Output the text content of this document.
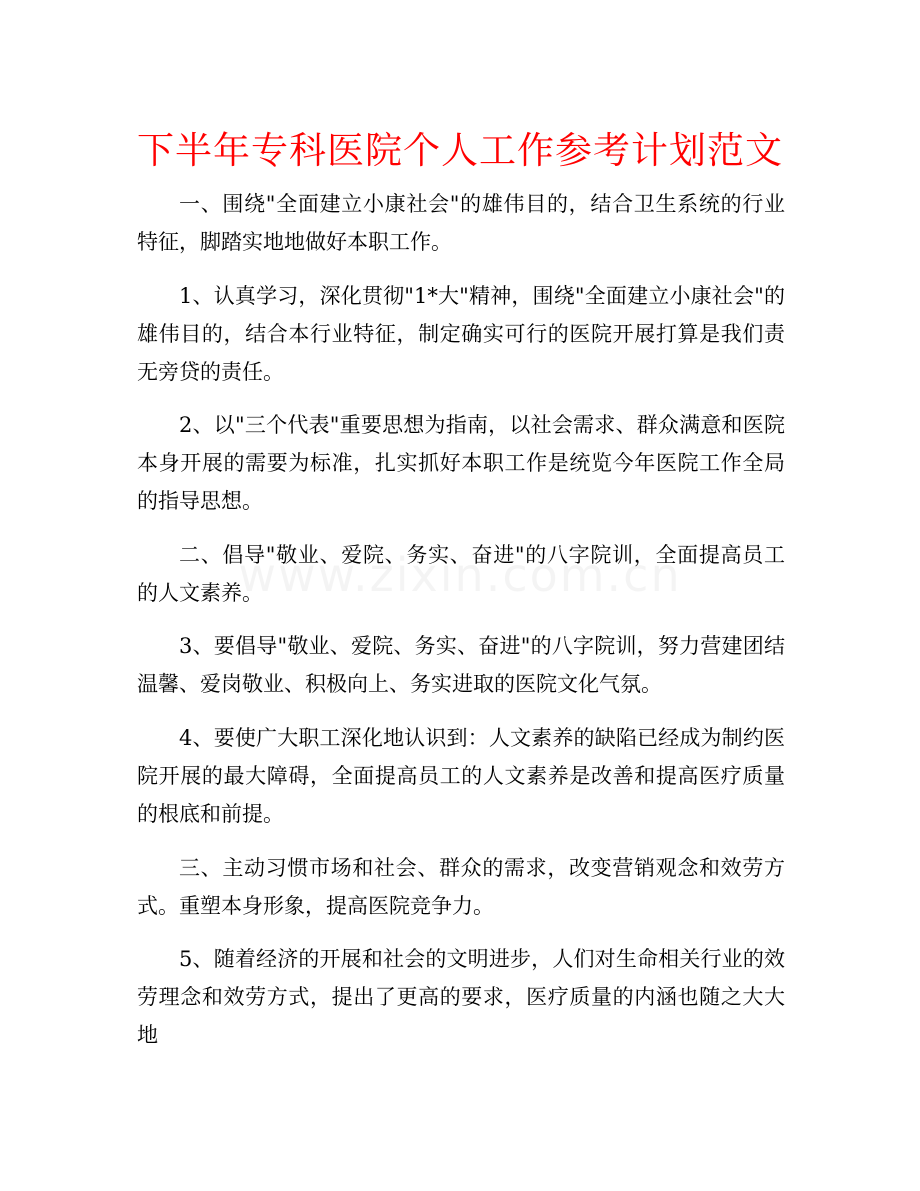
下半年专科医院个人工作参考计划范文

一、围绕"全面建立小康社会"的雄伟目的，结合卫生系统的行业特征，脚踏实地地做好本职工作。

1、认真学习，深化贯彻"1*大"精神，围绕"全面建立小康社会"的雄伟目的，结合本行业特征，制定确实可行的医院开展打算是我们责无旁贷的责任。

2、以"三个代表"重要思想为指南，以社会需求、群众满意和医院本身开展的需要为标准，扎实抓好本职工作是统览今年医院工作全局的指导思想。

二、倡导"敬业、爱院、务实、奋进"的八字院训，全面提高员工的人文素养。

3、要倡导"敬业、爱院、务实、奋进"的八字院训，努力营建团结温馨、爱岗敬业、积极向上、务实进取的医院文化气氛。

4、要使广大职工深化地认识到：人文素养的缺陷已经成为制约医院开展的最大障碍，全面提高员工的人文素养是改善和提高医疗质量的根底和前提。

三、主动习惯市场和社会、群众的需求，改变营销观念和效劳方式。重塑本身形象，提高医院竞争力。

5、随着经济的开展和社会的文明进步，人们对生命相关行业的效劳理念和效劳方式，提出了更高的要求，医疗质量的内涵也随之大大地
